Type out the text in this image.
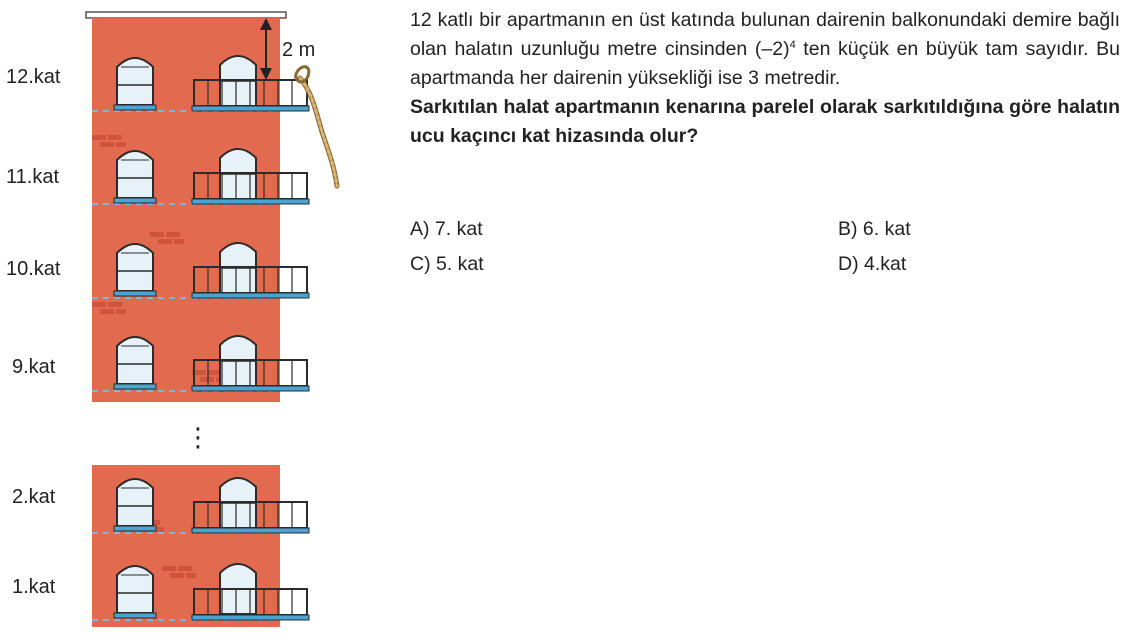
2 m
12.kat
11.kat
10.kat
9.kat
2.kat
1.kat
⋮

12 katlı bir apartmanın en üst katında bulunan dairenin balkonundaki demire bağlı olan halatın uzunluğu metre cinsinden $(-2)^4$ ten küçük en büyük tam sayıdır. Bu apartmanda her dairenin yüksekliği ise 3 metredir.

Sarkıtılan halat apartmanın kenarına parelel olarak sarkıtıldığına göre halatın ucu kaçıncı kat hizasında olur?

A) 7. kat	B) 6. kat
C) 5. kat	D) 4.kat
